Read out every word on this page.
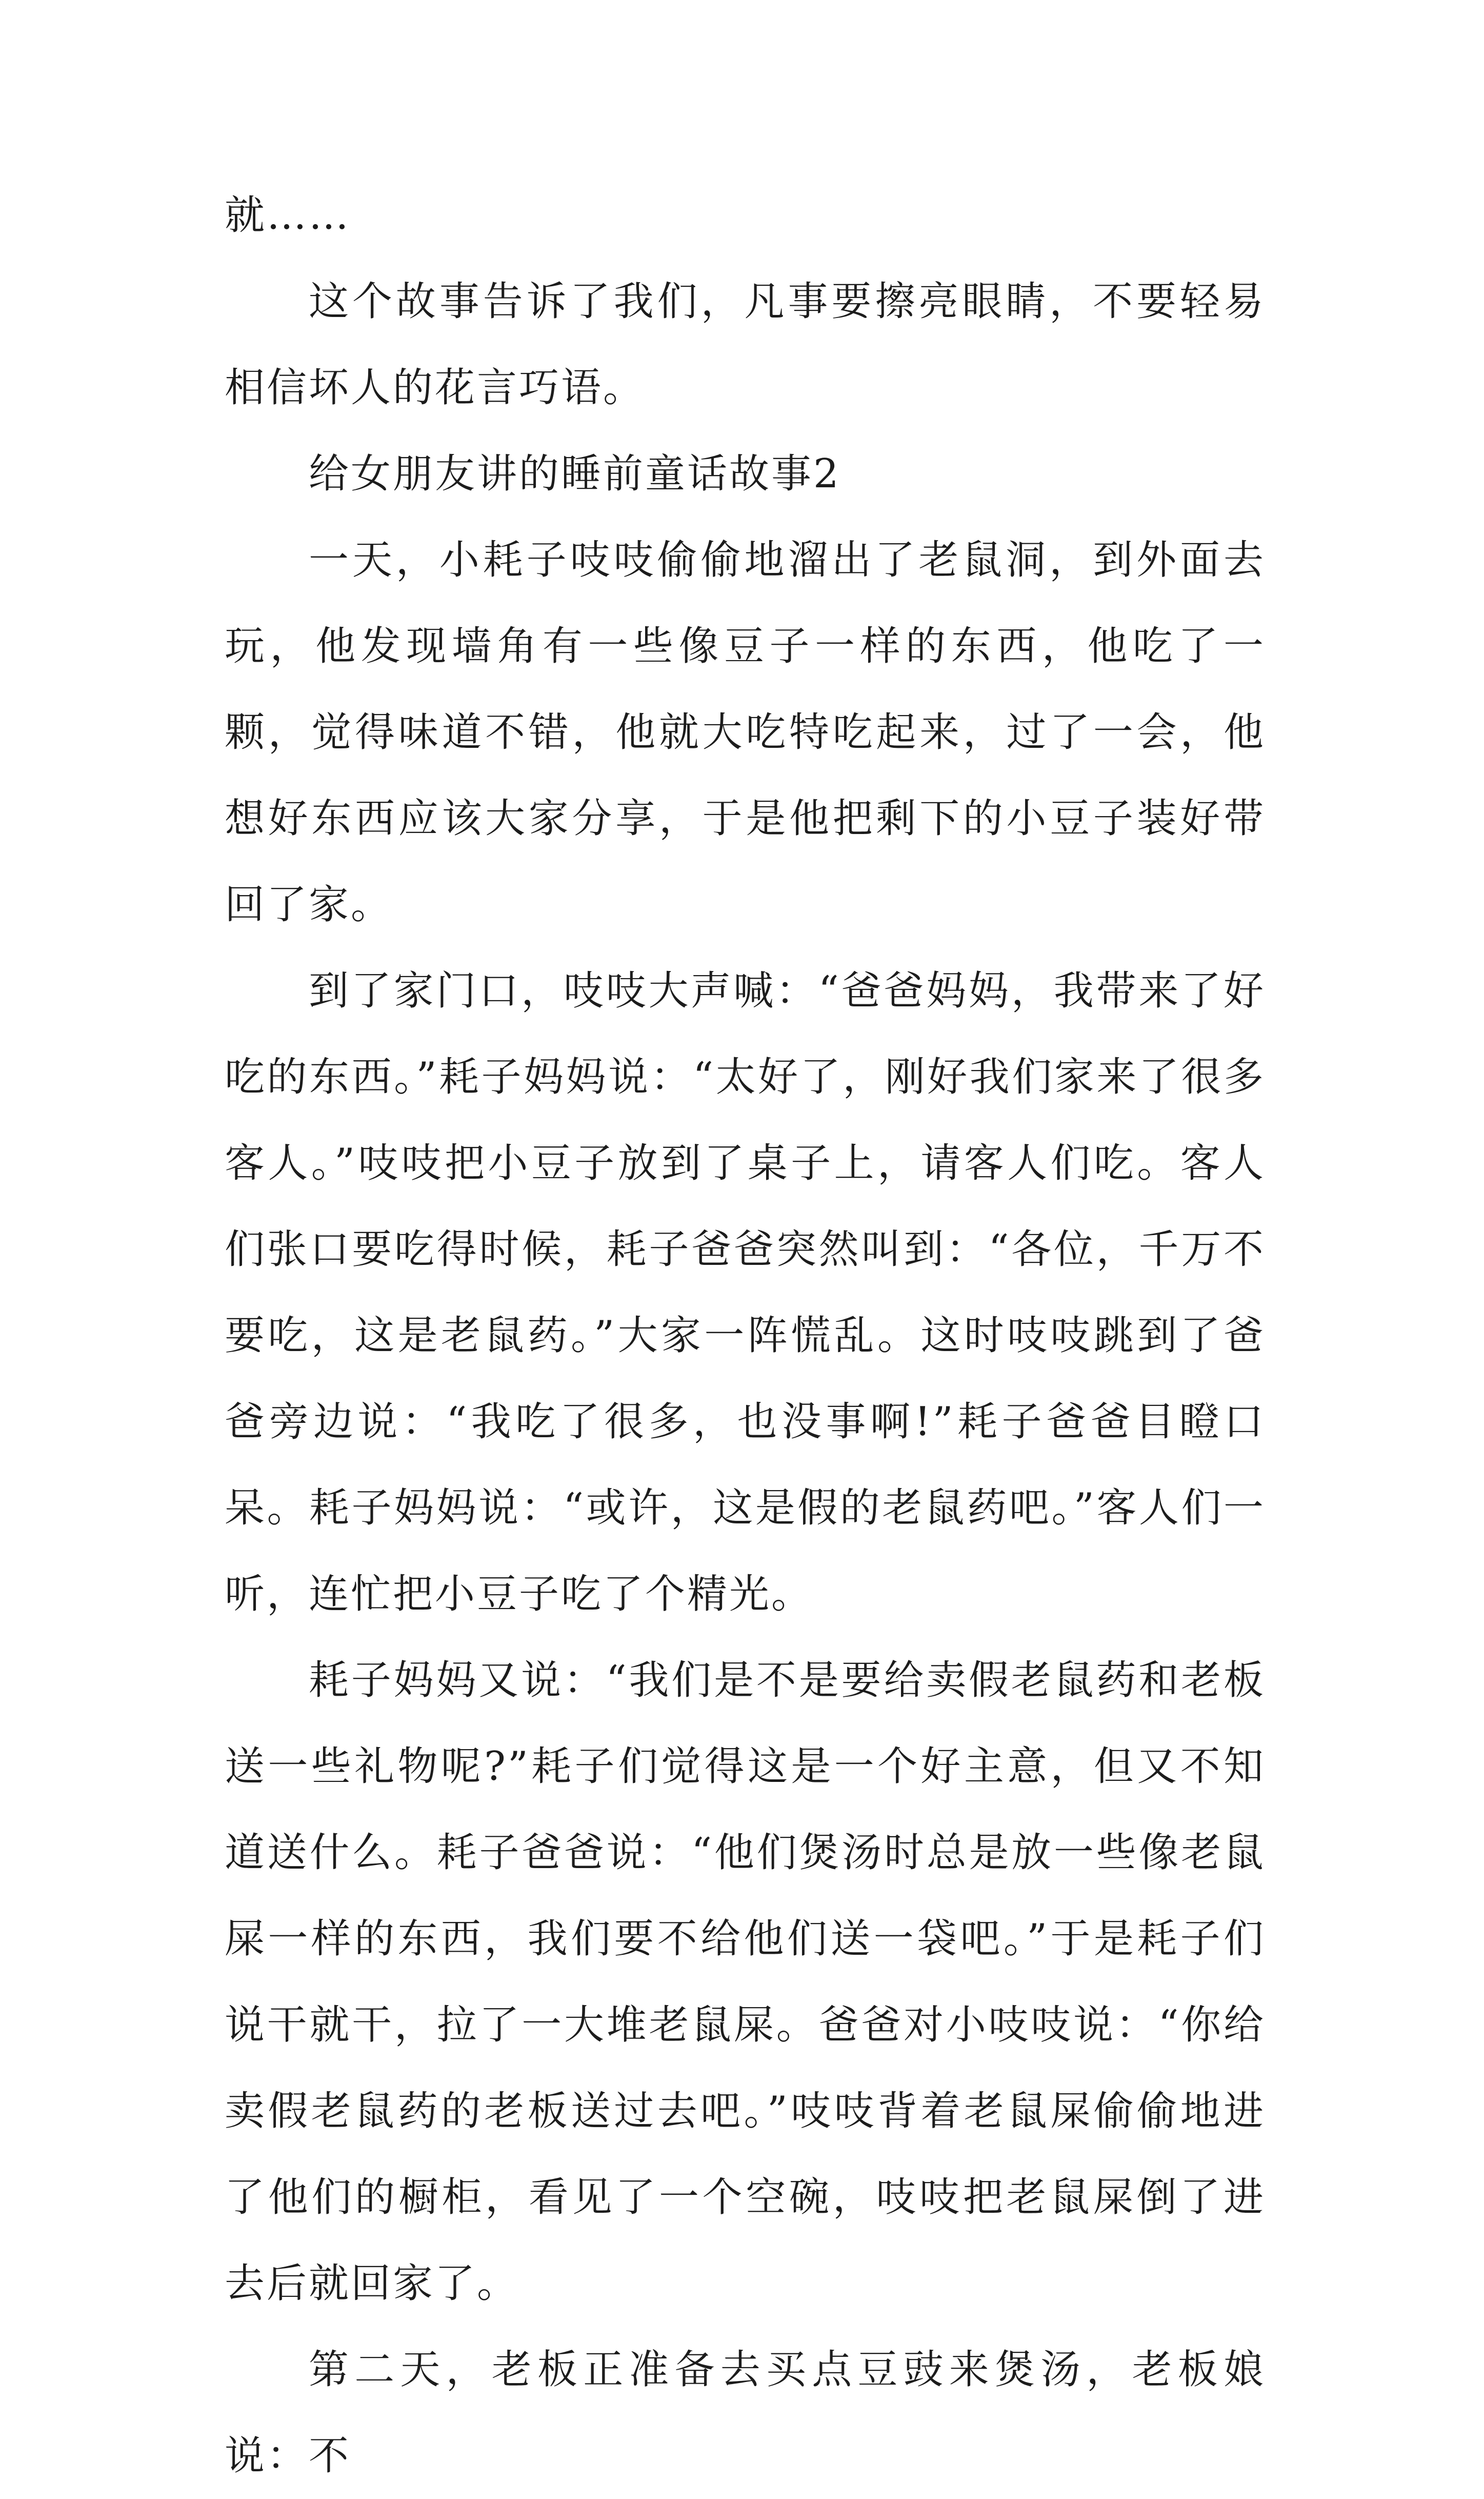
就……

这个故事告诉了我们，凡事要擦亮眼睛，不要轻易相信坏人的花言巧语。

给女朋友讲的睡前童话故事2

一天，小耗子吱吱偷偷地溜出了老鼠洞，到外面去玩，他发现墙角有一些像豆子一样的东西，他吃了一颗，觉得味道不错，他就大吃特吃起来，过了一会，他想好东西应该大家分享，于是他把剩下的小豆子装好带回了家。

到了家门口，吱吱大声喊：“爸爸妈妈，我带来了好吃的东西。”耗子妈妈说：“太好了，刚好我们家来了很多客人。”吱吱把小豆子放到了桌子上，请客人们吃。客人们张口要吃得时候，耗子爸爸突然叫到：“各位，千万不要吃，这是老鼠药。”大家一阵慌乱。这时吱吱跳到了爸爸旁边说：“我吃了很多，也没事啊!”耗子爸爸目瞪口呆。耗子妈妈说：“或许，这是假的老鼠药吧。”客人们一听，连忙把小豆子吃了个精光。

耗子妈妈又说：“我们是不是要给卖假老鼠药和老板送一些礼物呢?”耗子们觉得这是一个好主意，但又不知道送什么。耗子爸爸说：“他们煲汤时总是放一些像老鼠屎一样的东西，我们要不给他们送一袋吧。”于是耗子们说干就干，拉了一大堆老鼠屎。爸爸对小吱吱说：“你给卖假老鼠药的老板送过去吧。”吱吱背着老鼠屎偷偷地进了他们的橱柜，看见了一个空碗，吱吱把老鼠屎倒了进去后就回家了。

第二天，老板正准备去买点豆豉来煲汤，老板娘说：不
